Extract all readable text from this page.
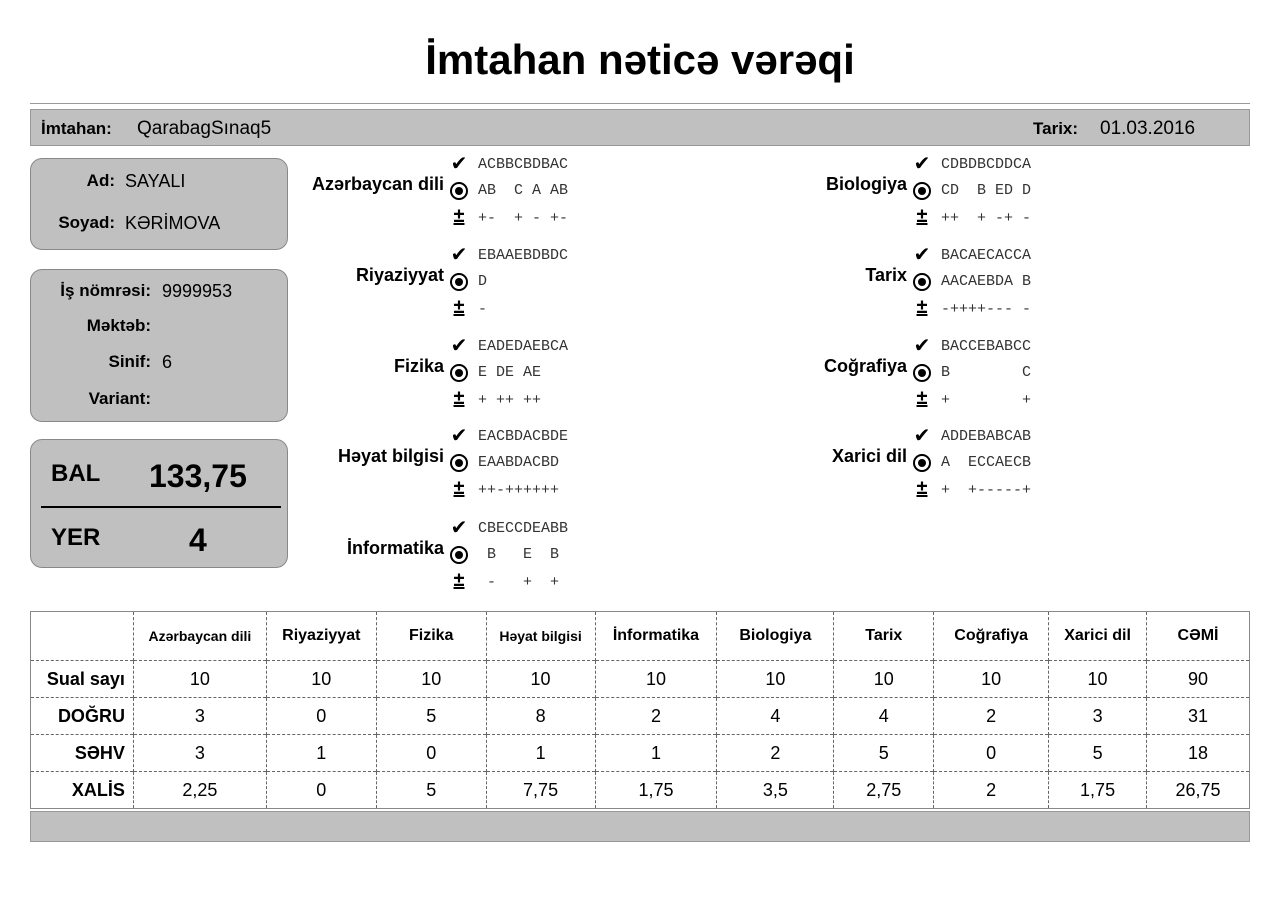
İmtahan nəticə vərəqi
İmtahan: QarabagSınaq5	Tarix: 01.03.2016
Ad: SAYALI
Soyad: KƏRİMOVA
İş nömrəsi: 9999953
Məktəb:
Sinif: 6
Variant:
BAL 133,75
YER	4
Azərbaycan dili
✔ ACBBCBDBAC
AB  C A AB
± +-  + - +-
Riyaziyyat
✔ EBAAEBDBDC
D
± -
Fizika
✔ EADEDAEBCA
E DE AE
± + ++ ++
Həyat bilgisi
✔ EACBDACBDE
EAABDACBD
± ++-++++++
İnformatika
✔ CBECCDEABB
B   E  B
± -   +  +
Biologiya
✔ CDBDBCDDCA
CD  B ED D
± ++  + -+ -
Tarix
✔ BACAECACCA
AACAEBDA B
± -++++--- -
Coğrafiya
✔ BACCEBABCC
B        C
± +        +
Xarici dil
✔ ADDEBABCAB
A  ECCAECB
± +  +-----+
	Azərbaycan dili	Riyaziyyat	Fizika	Həyat bilgisi	İnformatika	Biologiya	Tarix	Coğrafiya	Xarici dil	CƏMİ
Sual sayı	10	10	10	10	10	10	10	10	10	90
DOĞRU	3	0	5	8	2	4	4	2	3	31
SƏHV	3	1	0	1	1	2	5	0	5	18
XALİS	2,25	0	5	7,75	1,75	3,5	2,75	2	1,75	26,75
